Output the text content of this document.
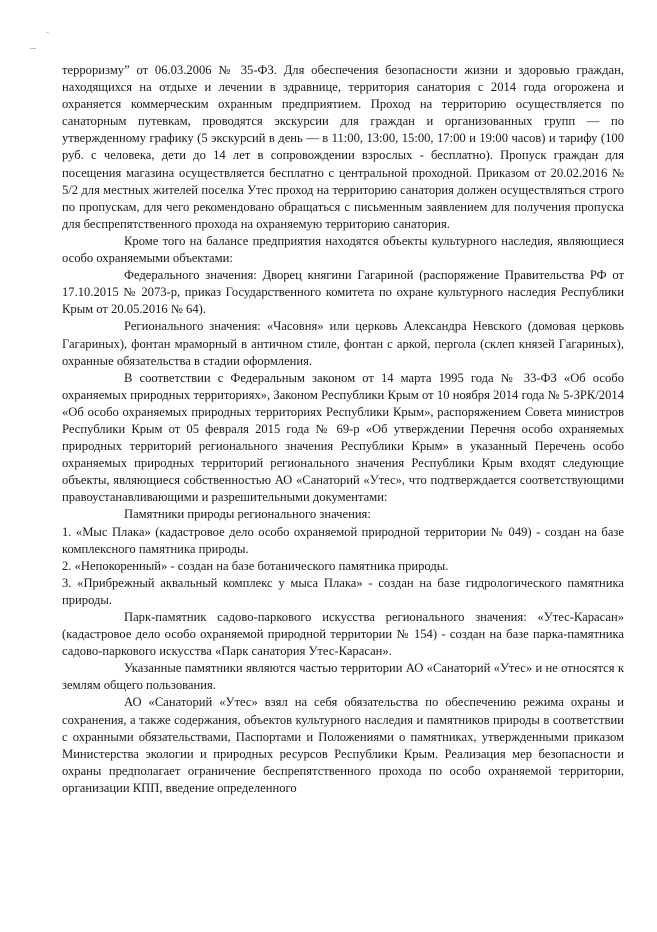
терроризму” от 06.03.2006 № 35-ФЗ. Для обеспечения безопасности жизни и здоровью граждан, находящихся на отдыхе и лечении в здравнице, территория санатория с 2014 года огорожена и охраняется коммерческим охранным предприятием. Проход на территорию осуществляется по санаторным путевкам, проводятся экскурсии для граждан и организованных групп — по утвержденному графику (5 экскурсий в день — в 11:00, 13:00, 15:00, 17:00 и 19:00 часов) и тарифу (100 руб. с человека, дети до 14 лет в сопровождении взрослых - бесплатно). Пропуск граждан для посещения магазина осуществляется бесплатно с центральной проходной. Приказом от 20.02.2016 № 5/2 для местных жителей поселка Утес проход на территорию санатория должен осуществляться строго по пропускам, для чего рекомендовано обращаться с письменным заявлением для получения пропуска для беспрепятственного прохода на охраняемую территорию санатория.

Кроме того на балансе предприятия находятся объекты культурного наследия, являющиеся особо охраняемыми объектами:

Федерального значения: Дворец княгини Гагариной (распоряжение Правительства РФ от 17.10.2015 № 2073-р, приказ Государственного комитета по охране культурного наследия Республики Крым от 20.05.2016 № 64).

Регионального значения: «Часовня» или церковь Александра Невского (домовая церковь Гагариных), фонтан мраморный в античном стиле, фонтан с аркой, пергола (склеп князей Гагариных), охранные обязательства в стадии оформления.

В соответствии с Федеральным законом от 14 марта 1995 года № 33-ФЗ «Об особо охраняемых природных территориях», Законом Республики Крым от 10 ноября 2014 года № 5-ЗРК/2014 «Об особо охраняемых природных территориях Республики Крым», распоряжением Совета министров Республики Крым от 05 февраля 2015 года № 69-р «Об утверждении Перечня особо охраняемых природных территорий регионального значения Республики Крым» в указанный Перечень особо охраняемых природных территорий регионального значения Республики Крым входят следующие объекты, являющиеся собственностью АО «Санаторий «Утес», что подтверждается соответствующими правоустанавливающими и разрешительными документами:

Памятники природы регионального значения:

1. «Мыс Плака» (кадастровое дело особо охраняемой природной территории № 049) - создан на базе комплексного памятника природы.

2. «Непокоренный» - создан на базе ботанического памятника природы.

3. «Прибрежный аквальный комплекс у мыса Плака» - создан на базе гидрологического памятника природы.

Парк-памятник садово-паркового искусства регионального значения: «Утес-Карасан» (кадастровое дело особо охраняемой природной территории № 154) - создан на базе парка-памятника садово-паркового искусства «Парк санатория Утес-Карасан».

Указанные памятники являются частью территории АО «Санаторий «Утес» и не относятся к землям общего пользования.

АО «Санаторий «Утес» взял на себя обязательства по обеспечению режима охраны и сохранения, а также содержания, объектов культурного наследия и памятников природы в соответствии с охранными обязательствами, Паспортами и Положениями о памятниках, утвержденными приказом Министерства экологии и природных ресурсов Республики Крым. Реализация мер безопасности и охраны предполагает ограничение беспрепятственного прохода по особо охраняемой территории, организации КПП, введение определенного
